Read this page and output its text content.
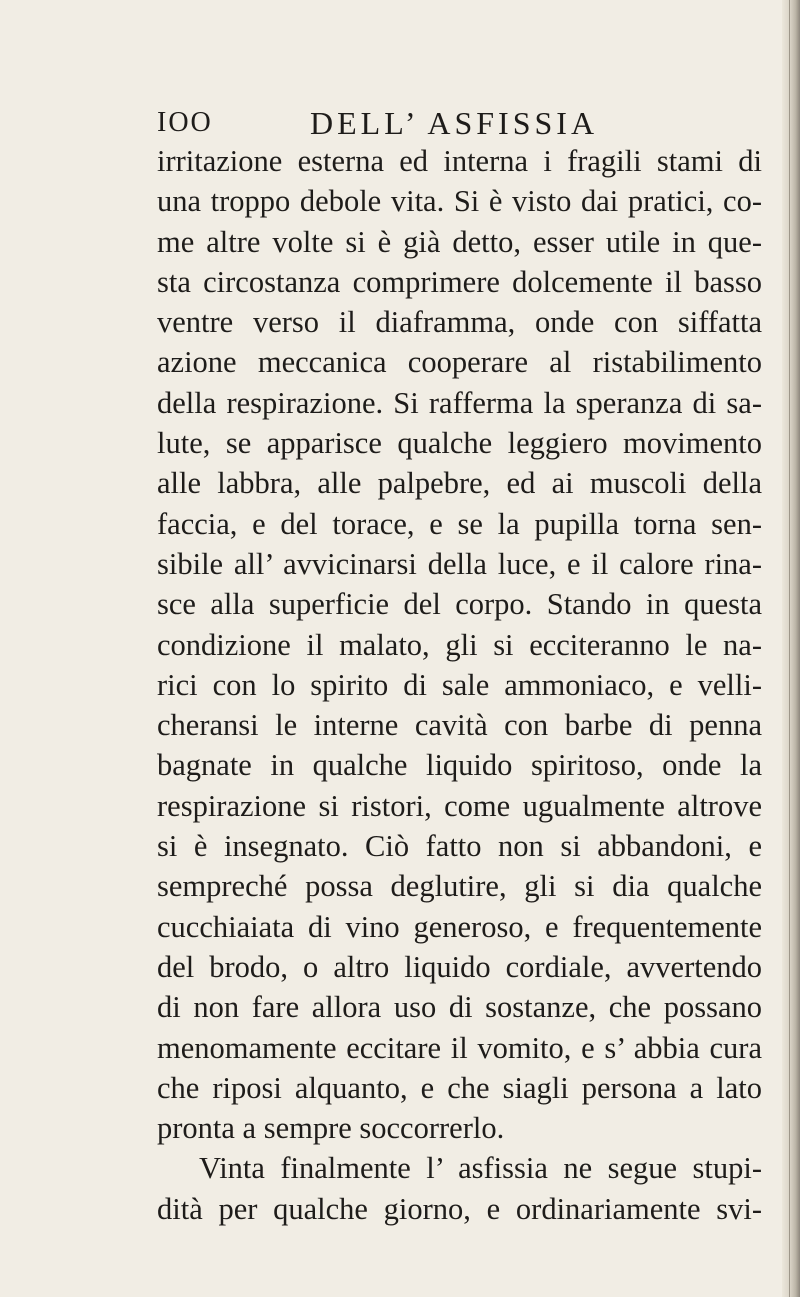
IOO	DELL’ ASFISSIA
irritazione esterna ed interna i fragili stami di
una troppo debole vita. Si è visto dai pratici, co-
me altre volte si è già detto, esser utile in que-
sta circostanza comprimere dolcemente il basso
ventre verso il diaframma, onde con siffatta
azione meccanica cooperare al ristabilimento
della respirazione. Si rafferma la speranza di sa-
lute, se apparisce qualche leggiero movimento
alle labbra, alle palpebre, ed ai muscoli della
faccia, e del torace, e se la pupilla torna sen-
sibile all’ avvicinarsi della luce, e il calore rina-
sce alla superficie del corpo. Stando in questa
condizione il malato, gli si ecciteranno le na-
rici con lo spirito di sale ammoniaco, e velli-
cheransi le interne cavità con barbe di penna
bagnate in qualche liquido spiritoso, onde la
respirazione si ristori, come ugualmente altrove
si è insegnato. Ciò fatto non si abbandoni, e
sempreché possa deglutire, gli si dia qualche
cucchiaiata di vino generoso, e frequentemente
del brodo, o altro liquido cordiale, avvertendo
di non fare allora uso di sostanze, che possano
menomamente eccitare il vomito, e s’ abbia cura
che riposi alquanto, e che siagli persona a lato
pronta a sempre soccorrerlo.
Vinta finalmente l’ asfissia ne segue stupi-
dità per qualche giorno, e ordinariamente svi-
